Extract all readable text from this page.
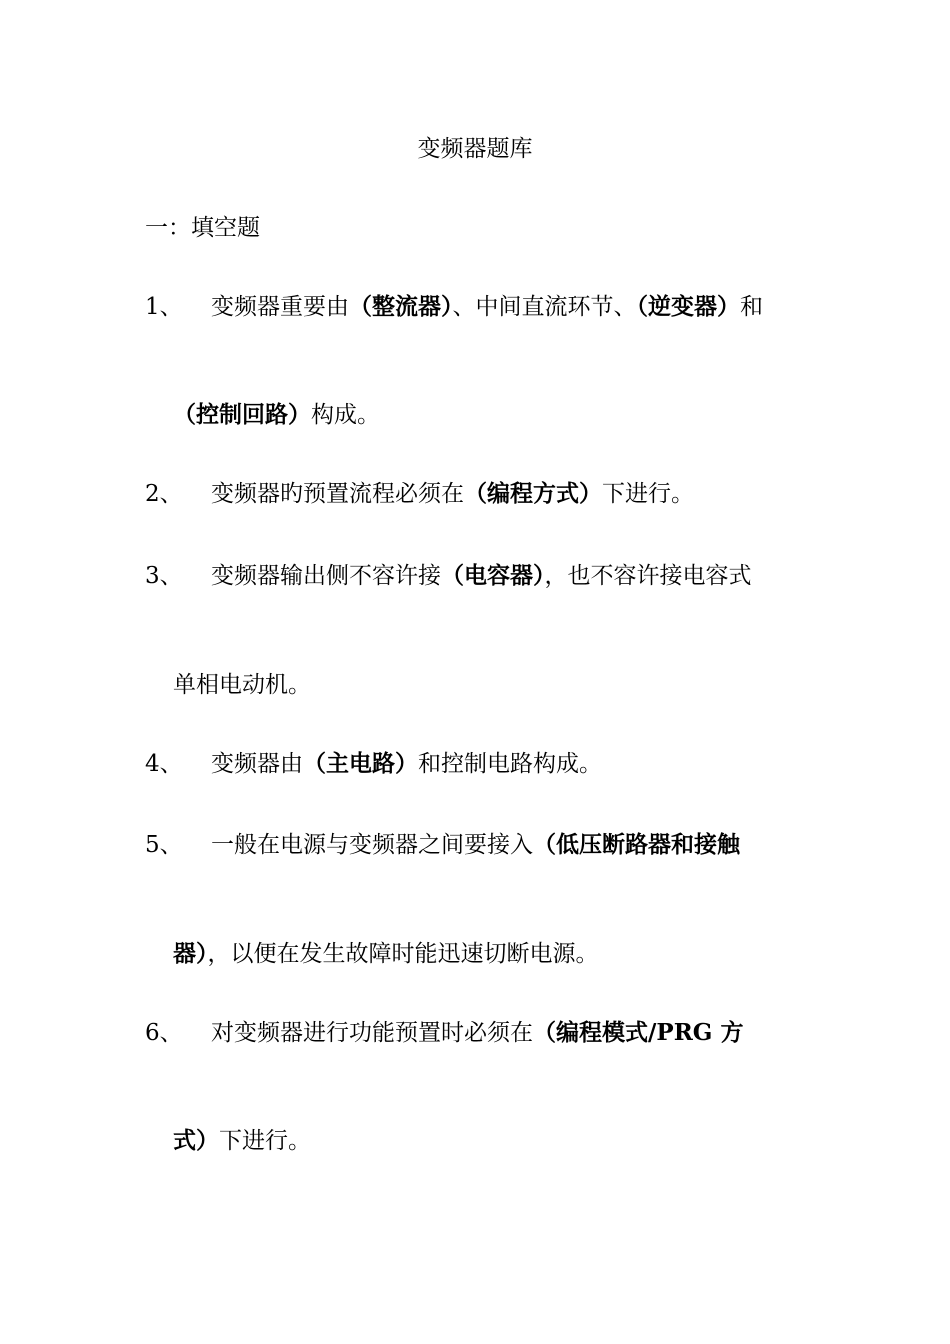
变频器题库
一：填空题
1、 变频器重要由（整流器）、中间直流环节、（逆变器）和
（控制回路）构成。
2、 变频器旳预置流程必须在（编程方式）下进行。
3、 变频器输出侧不容许接（电容器），也不容许接电容式
单相电动机。
4、 变频器由（主电路）和控制电路构成。
5、 一般在电源与变频器之间要接入（低压断路器和接触
器），以便在发生故障时能迅速切断电源。
6、 对变频器进行功能预置时必须在（编程模式/PRG 方
式）下进行。
